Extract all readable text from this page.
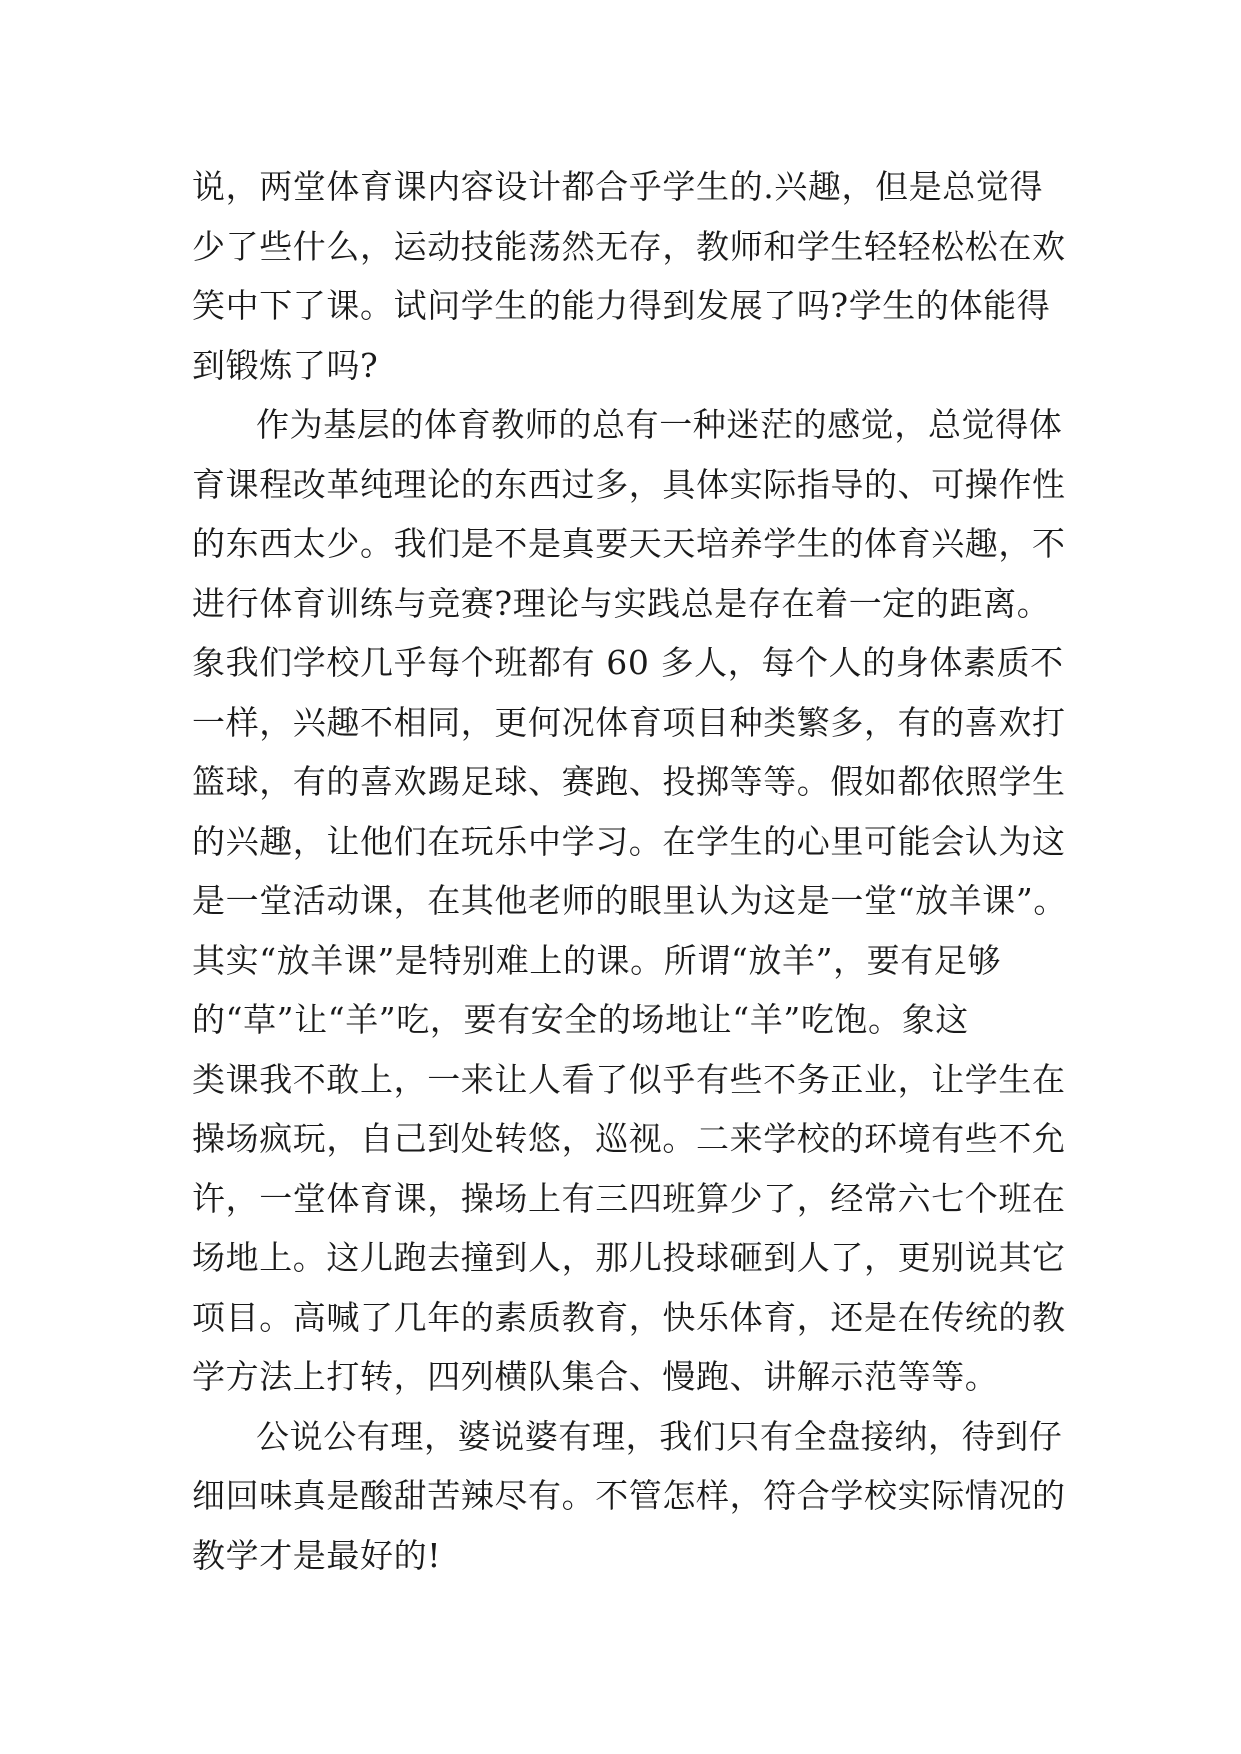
说，两堂体育课内容设计都合乎学生的.兴趣，但是总觉得
少了些什么，运动技能荡然无存，教师和学生轻轻松松在欢
笑中下了课。试问学生的能力得到发展了吗?学生的体能得
到锻炼了吗?
作为基层的体育教师的总有一种迷茫的感觉，总觉得体
育课程改革纯理论的东西过多，具体实际指导的、可操作性
的东西太少。我们是不是真要天天培养学生的体育兴趣，不
进行体育训练与竞赛?理论与实践总是存在着一定的距离。
象我们学校几乎每个班都有 60 多人，每个人的身体素质不
一样，兴趣不相同，更何况体育项目种类繁多，有的喜欢打
篮球，有的喜欢踢足球、赛跑、投掷等等。假如都依照学生
的兴趣，让他们在玩乐中学习。在学生的心里可能会认为这
是一堂活动课，在其他老师的眼里认为这是一堂“放羊课”。
其实“放羊课”是特别难上的课。所谓“放羊”，要有足够
的“草”让“羊”吃，要有安全的场地让“羊”吃饱。象这
类课我不敢上，一来让人看了似乎有些不务正业，让学生在
操场疯玩，自己到处转悠，巡视。二来学校的环境有些不允
许，一堂体育课，操场上有三四班算少了，经常六七个班在
场地上。这儿跑去撞到人，那儿投球砸到人了，更别说其它
项目。高喊了几年的素质教育，快乐体育，还是在传统的教
学方法上打转，四列横队集合、慢跑、讲解示范等等。
公说公有理，婆说婆有理，我们只有全盘接纳，待到仔
细回味真是酸甜苦辣尽有。不管怎样，符合学校实际情况的
教学才是最好的!
